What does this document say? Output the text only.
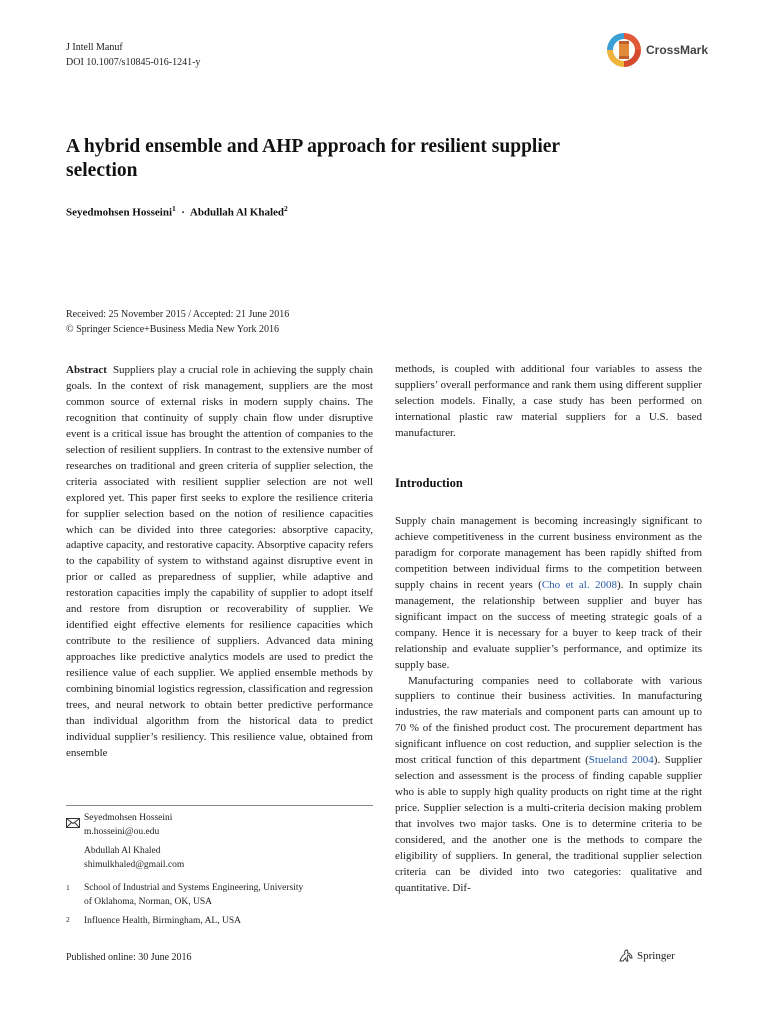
J Intell Manuf
DOI 10.1007/s10845-016-1241-y
CrossMark
A hybrid ensemble and AHP approach for resilient supplier
selection
Seyedmohsen Hosseini$^1$ · Abdullah Al Khaled$^2$
Received: 25 November 2015 / Accepted: 21 June 2016
© Springer Science+Business Media New York 2016

Abstract Suppliers play a crucial role in achieving the supply chain goals. In the context of risk management, suppliers are the most common source of external risks in modern supply chains. The recognition that continuity of supply chain flow under disruptive event is a critical issue has brought the attention of companies to the selection of resilient suppliers. In contrast to the extensive number of researches on traditional and green criteria of supplier selection, the criteria associated with resilient supplier selection are not well explored yet. This paper first seeks to explore the resilience criteria for supplier selection based on the notion of resilience capacities which can be divided into three categories: absorptive capacity, adaptive capacity, and restorative capacity. Absorptive capacity refers to the capability of system to withstand against disruptive event in prior or called as preparedness of supplier, while adaptive and restoration capacities imply the capability of supplier to adopt itself and restore from disruption or recoverability of supplier. We identified eight effective elements for resilience capacities which contribute to the resilience of suppliers. Advanced data mining approaches like predictive analytics models are used to predict the resilience value of each supplier. We applied ensemble methods by combining binomial logistics regression, classification and regression trees, and neural network to obtain better predictive performance than individual algorithm from the historical data to predict individual supplier’s resiliency. This resilience value, obtained from ensemble

methods, is coupled with additional four variables to assess the suppliers’ overall performance and rank them using different supplier selection models. Finally, a case study has been performed on international plastic raw material suppliers for a U.S. based manufacturer.

Introduction

Supply chain management is becoming increasingly significant to achieve competitiveness in the current business environment as the paradigm for corporate management has been rapidly shifted from competition between individual firms to the competition between supply chains in recent years (Cho et al. 2008). In supply chain management, the relationship between supplier and buyer has significant impact on the success of meeting strategic goals of a company. Hence it is necessary for a buyer to keep track of their relationship and evaluate supplier’s performance, and optimize its supply base.

Manufacturing companies need to collaborate with various suppliers to continue their business activities. In manufacturing industries, the raw materials and component parts can amount up to 70 % of the finished product cost. The procurement department has significant influence on cost reduction, and supplier selection is the most critical function of this department (Stueland 2004). Supplier selection and assessment is the process of finding capable supplier who is able to supply high quality products on right time at the right price. Supplier selection is a multi-criteria decision making problem that involves two major tasks. One is to determine criteria to be considered, and the another one is the methods to compare the eligibility of suppliers. In general, the traditional supplier selection criteria can be divided into two categories: qualitative and quantitative. Dif-

Seyedmohsen Hosseini
m.hosseini@ou.edu
Abdullah Al Khaled
shimulkhaled@gmail.com
1 School of Industrial and Systems Engineering, University
of Oklahoma, Norman, OK, USA
2 Influence Health, Birmingham, AL, USA
Published online: 30 June 2016	Springer
